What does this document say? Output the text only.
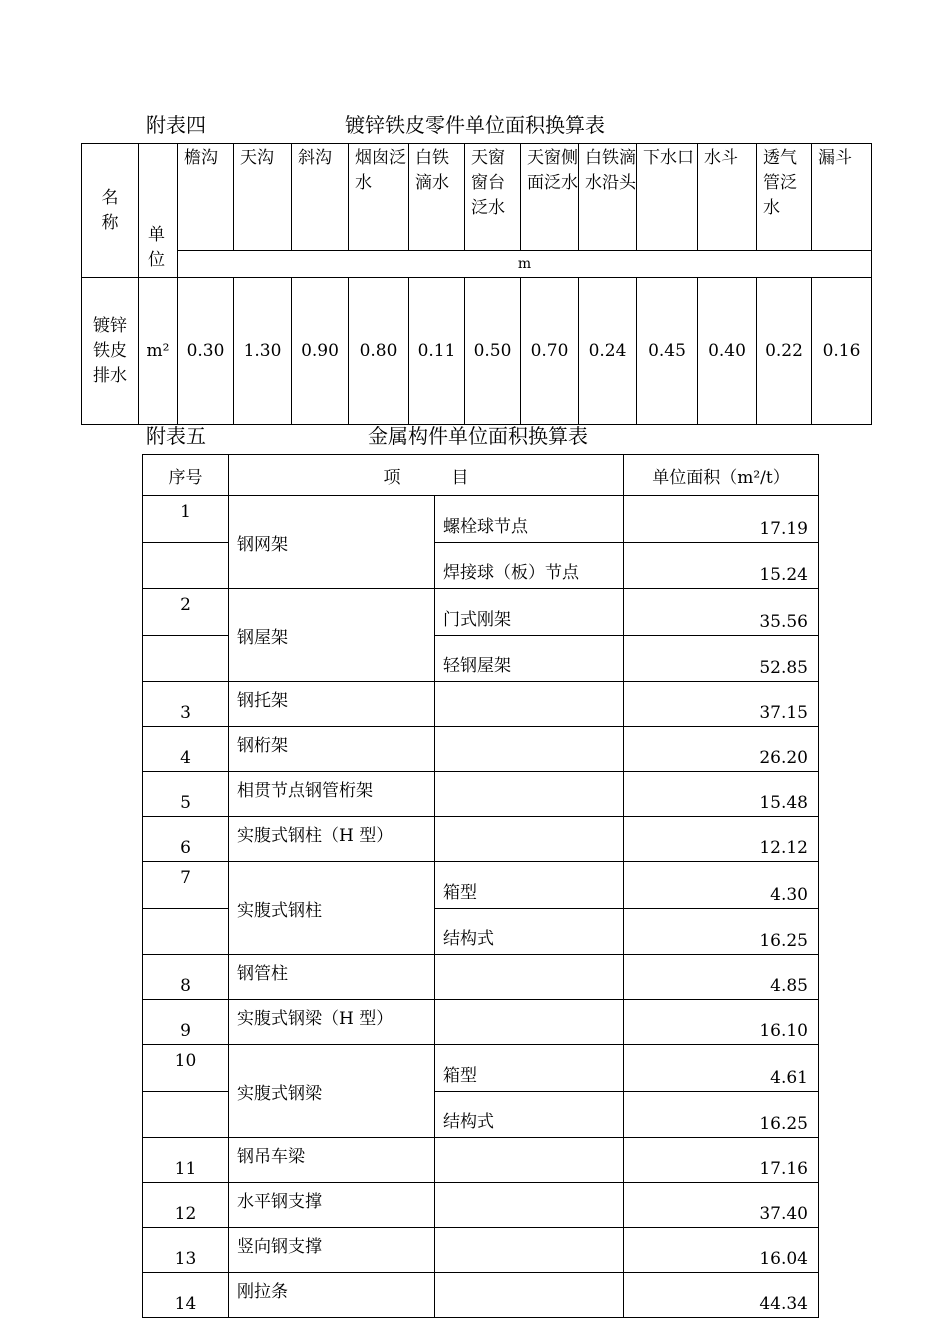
附表四	镀锌铁皮零件单位面积换算表
名称	单位	檐沟	天沟	斜沟	烟囱泛水	白铁滴水	天窗窗台泛水	天窗侧面泛水	白铁滴水沿头	下水口	水斗	透气管泛水	漏斗
		m											
镀锌铁皮排水	m²	0.30	1.30	0.90	0.80	0.11	0.50	0.70	0.24	0.45	0.40	0.22	0.16
附表五	金属构件单位面积换算表
序号	项　　　目		单位面积（m²/t）
1	钢网架	螺栓球节点	17.19
		焊接球（板）节点	15.24
2	钢屋架	门式刚架	35.56
		轻钢屋架	52.85
3	钢托架		37.15
4	钢桁架		26.20
5	相贯节点钢管桁架		15.48
6	实腹式钢柱（H 型）		12.12
7	实腹式钢柱	箱型	4.30
		结构式	16.25
8	钢管柱		4.85
9	实腹式钢梁（H 型）		16.10
10	实腹式钢梁	箱型	4.61
		结构式	16.25
11	钢吊车梁		17.16
12	水平钢支撑		37.40
13	竖向钢支撑		16.04
14	刚拉条		44.34
